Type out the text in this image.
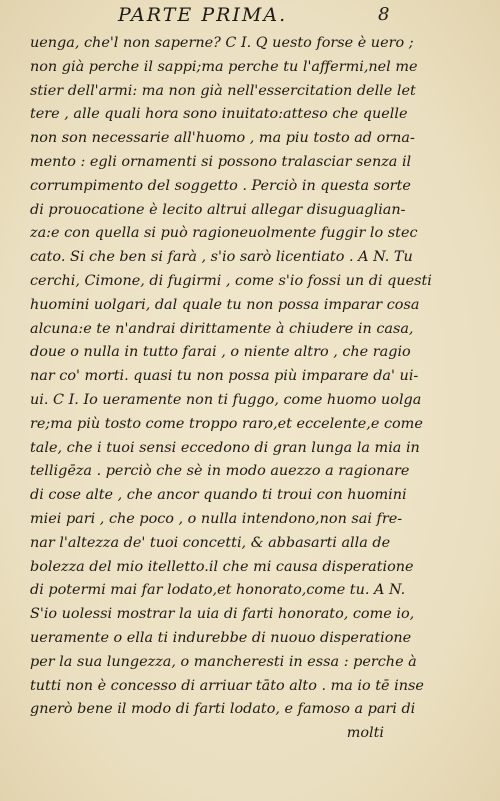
PARTE PRIMA.	8
uenga, che'l non saperne? C I. Q uesto forse è uero ;
non già perche il sappi;ma perche tu l'affermi,nel me
stier dell'armi: ma non già nell'essercitation delle let
tere , alle quali hora sono inuitato:atteso che quelle
non son necessarie all'huomo , ma piu tosto ad orna-
mento : egli ornamenti si possono tralasciar senza il
corrumpimento del soggetto . Perciò in questa sorte
di prouocatione è lecito altrui allegar disuguaglian-
za:e con quella si può ragioneuolmente fuggir lo stec
cato. Si che ben si farà , s'io sarò licentiato . A N. Tu
cerchi, Cimone, di fugirmi , come s'io fossi un di questi
huomini uolgari, dal quale tu non possa imparar cosa
alcuna:e te n'andrai dirittamente à chiudere in casa,
doue o nulla in tutto farai , o niente altro , che ragio
nar co' morti. quasi tu non possa più imparare da' ui-
ui. C I. Io ueramente non ti fuggo, come huomo uolga
re;ma più tosto come troppo raro,et eccelente,e come
tale, che i tuoi sensi eccedono di gran lunga la mia in
telligēza . perciò che sè in modo auezzo a ragionare
di cose alte , che ancor quando ti troui con huomini
miei pari , che poco , o nulla intendono,non sai fre-
nar l'altezza de' tuoi concetti, & abbasarti alla de
bolezza del mio itelletto.il che mi causa disperatione
di potermi mai far lodato,et honorato,come tu. A N.
S'io uolessi mostrar la uia di farti honorato, come io,
ueramente o ella ti indurebbe di nuouo disperatione
per la sua lungezza, o mancheresti in essa : perche à
tutti non è concesso di arriuar tāto alto . ma io tē inse
gnerò bene il modo di farti lodato, e famoso a pari di
molti
